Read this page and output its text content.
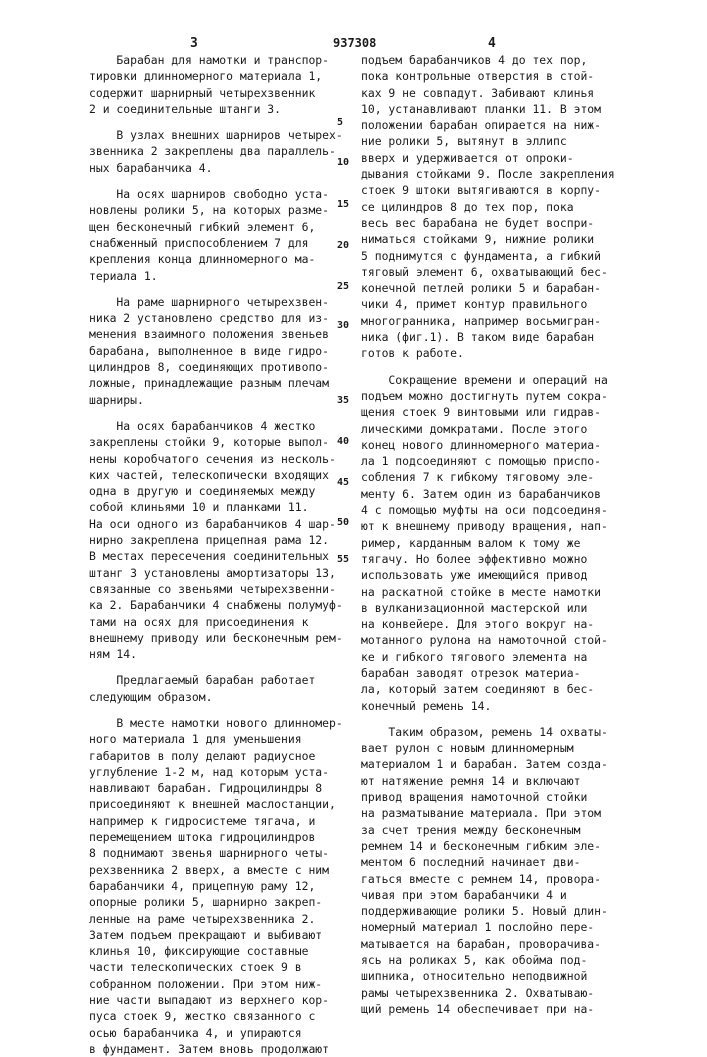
3	937308	4
Барабан для намотки и транспор-
тировки длинномерного материала 1,
содержит шарнирный четырехзвенник
2 и соединительные штанги 3.
В узлах внешних шарниров четырех-
звенника 2 закреплены два параллель-
ных барабанчика 4.
На осях шарниров свободно уста-
новлены ролики 5, на которых разме-
щен бесконечный гибкий элемент 6,
снабженный приспособлением 7 для
крепления конца длинномерного ма-
териала 1.
На раме шарнирного четырехзвен-
ника 2 установлено средство для из-
менения взаимного положения звеньев
барабана, выполненное в виде гидро-
цилиндров 8, соединяющих противопо-
ложные, принадлежащие разным плечам
шарниры.
На осях барабанчиков 4 жестко
закреплены стойки 9, которые выпол-
нены коробчатого сечения из несколь-
ких частей, телескопически входящих
одна в другую и соединяемых между
собой клиньями 10 и планками 11.
На оси одного из барабанчиков 4 шар-
нирно закреплена прицепная рама 12.
В местах пересечения соединительных
штанг 3 установлены амортизаторы 13,
связанные со звеньями четырехзвенни-
ка 2. Барабанчики 4 снабжены полумуф-
тами на осях для присоединения к
внешнему приводу или бесконечным рем-
ням 14.
Предлагаемый барабан работает
следующим образом.
В месте намотки нового длинномер-
ного материала 1 для уменьшения
габаритов в полу делают радиусное
углубление 1-2 м, над которым уста-
навливают барабан. Гидроцилиндры 8
присоединяют к внешней маслостанции,
например к гидросистеме тягача, и
перемещением штока гидроцилиндров
8 поднимают звенья шарнирного четы-
рехзвенника 2 вверх, а вместе с ним
барабанчики 4, прицепную раму 12,
опорные ролики 5, шарнирно закреп-
ленные на раме четырехзвенника 2.
Затем подъем прекращают и выбивают
клинья 10, фиксирующие составные
части телескопических стоек 9 в
собранном положении. При этом ниж-
ние части выпадают из верхнего кор-
пуса стоек 9, жестко связанного с
осью барабанчика 4, и упираются
в фундамент. Затем вновь продолжают
подъем барабанчиков 4 до тех пор,
пока контрольные отверстия в стой-
ках 9 не совпадут. Забивают клинья
10, устанавливают планки 11. В этом
положении барабан опирается на ниж-
ние ролики 5, вытянут в эллипс
вверх и удерживается от опроки-
дывания стойками 9. После закрепления
стоек 9 штоки вытягиваются в корпу-
се цилиндров 8 до тех пор, пока
весь вес барабана не будет воспри-
ниматься стойками 9, нижние ролики
5 поднимутся с фундамента, а гибкий
тяговый элемент 6, охватывающий бес-
конечной петлей ролики 5 и барабан-
чики 4, примет контур правильного
многогранника, например восьмигран-
ника (фиг.1). В таком виде барабан
готов к работе.
Сокращение времени и операций на
подъем можно достигнуть путем сокра-
щения стоек 9 винтовыми или гидрав-
лическими домкратами. После этого
конец нового длинномерного материа-
ла 1 подсоединяют с помощью приспо-
собления 7 к гибкому тяговому эле-
менту 6. Затем один из барабанчиков
4 с помощью муфты на оси подсоединя-
ют к внешнему приводу вращения, нап-
ример, карданным валом к тому же
тягачу. Но более эффективно можно
использовать уже имеющийся привод
на раскатной стойке в месте намотки
в вулканизационной мастерской или
на конвейере. Для этого вокруг на-
мотанного рулона на намоточной стой-
ке и гибкого тягового элемента на
барабан заводят отрезок материа-
ла, который затем соединяют в бес-
конечный ремень 14.
Таким образом, ремень 14 охваты-
вает рулон с новым длинномерным
материалом 1 и барабан. Затем созда-
ют натяжение ремня 14 и включают
привод вращения намоточной стойки
на разматывание материала. При этом
за счет трения между бесконечным
ремнем 14 и бесконечным гибким эле-
ментом 6 последний начинает дви-
гаться вместе с ремнем 14, провора-
чивая при этом барабанчики 4 и
поддерживающие ролики 5. Новый длин-
номерный материал 1 послойно пере-
матывается на барабан, проворачива-
ясь на роликах 5, как обойма под-
шипника, относительно неподвижной
рамы четырехзвенника 2. Охватываю-
щий ремень 14 обеспечивает при на-
5
10
15
20
25
30
35
40
45
50
55
